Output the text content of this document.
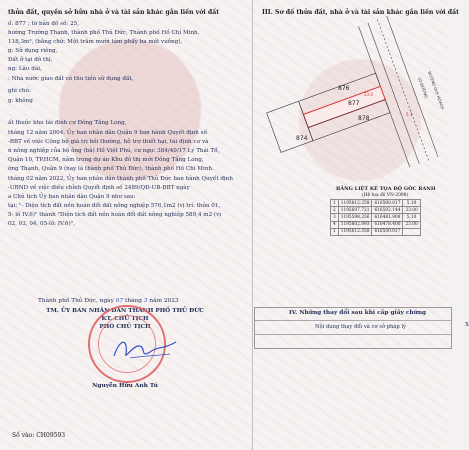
thửa đất, quyền sở hữu nhà ở và tài sản khác gắn liền với đất
ố: 877 ; tờ bản đồ số: 25,
hường Trường Thạnh, thành phố Thủ Đức, Thành phố Hồ Chí Minh,
118,3m², (bằng chữ: Một trăm mười tám phẩy ba mét vuông),
g: Sử dụng riêng,
Đất ở tại đô thị,
ng: Lâu dài,
: Nhà nước giao đất có thu tiền sử dụng đất,
ghi chú:
g: không
ất thuộc khu tái định cư Đông Tăng Long,
tháng 12 năm 2004, Ủy ban nhân dân Quận 9 ban hành Quyết định số
-BBT về việc Công bố giá trị bồi thường, hỗ trợ thiết hại, tái định cư và
n nông nghiệp của hộ ông (bà) Hồ Việt Phú, cư ngụ: 384/40/17 Lý Thái Tổ,
Quận 10, TP.HCM, nằm trong dự án Khu đô thị mới Đông Tăng Long,
ờng Thạnh, Quận 9 (nay là thành phố Thủ Đức), thành phố Hồ Chí Minh.
tháng 02 năm 2022, Ủy ban nhân dân thành phố Thủ Đức ban hành Quyết định
-UBND về việc điều chỉnh Quyết định số 2489/QĐ-UB-BBT ngày
a Chủ tịch Ủy ban nhân dân Quận 9 như sau:
tại: "- Diện tích đất nền hoán đổi đất nông nghiệp 576,1m2 (vị trí: thửa 01,
5- lô IV.6)" thành "Diện tích đất nền hoán đổi đất nông nghiệp 589,4 m2 (vị
02, 03, 04, 05-lô: IV.6)".
Thành phố Thủ Đức, ngày 07 tháng 3 năm 2023
TM. ỦY BAN NHÂN DÂN THÀNH PHỐ THỦ ĐỨC
KT. CHỦ TỊCH
PHÓ CHỦ TỊCH
Nguyễn Hữu Anh Tú
Số vào: CH09593
III. Sơ đồ thửa đất, nhà ở và tài sản khác gắn liền với đất
876
877
878
874
23.0
5.1
LÔ ĐƯỜNG
ĐƯỜNG QUY HOẠCH
BẢNG LIỆT KÊ TỌA ĐỘ GÓC RANH
(Hệ tọa độ VN-2000)
1	1195612.358	616500.017	5.10
2	1195607.721	616502.144	23.00
3	1195598.356	616481.908	5.10
4	1195602.993	616478.400	23.00
1	1195612.358	616500.017	
IV. Những thay đổi sau khi cấp giấy chứng
Nội dung thay đổi và cơ sở pháp lý	X
